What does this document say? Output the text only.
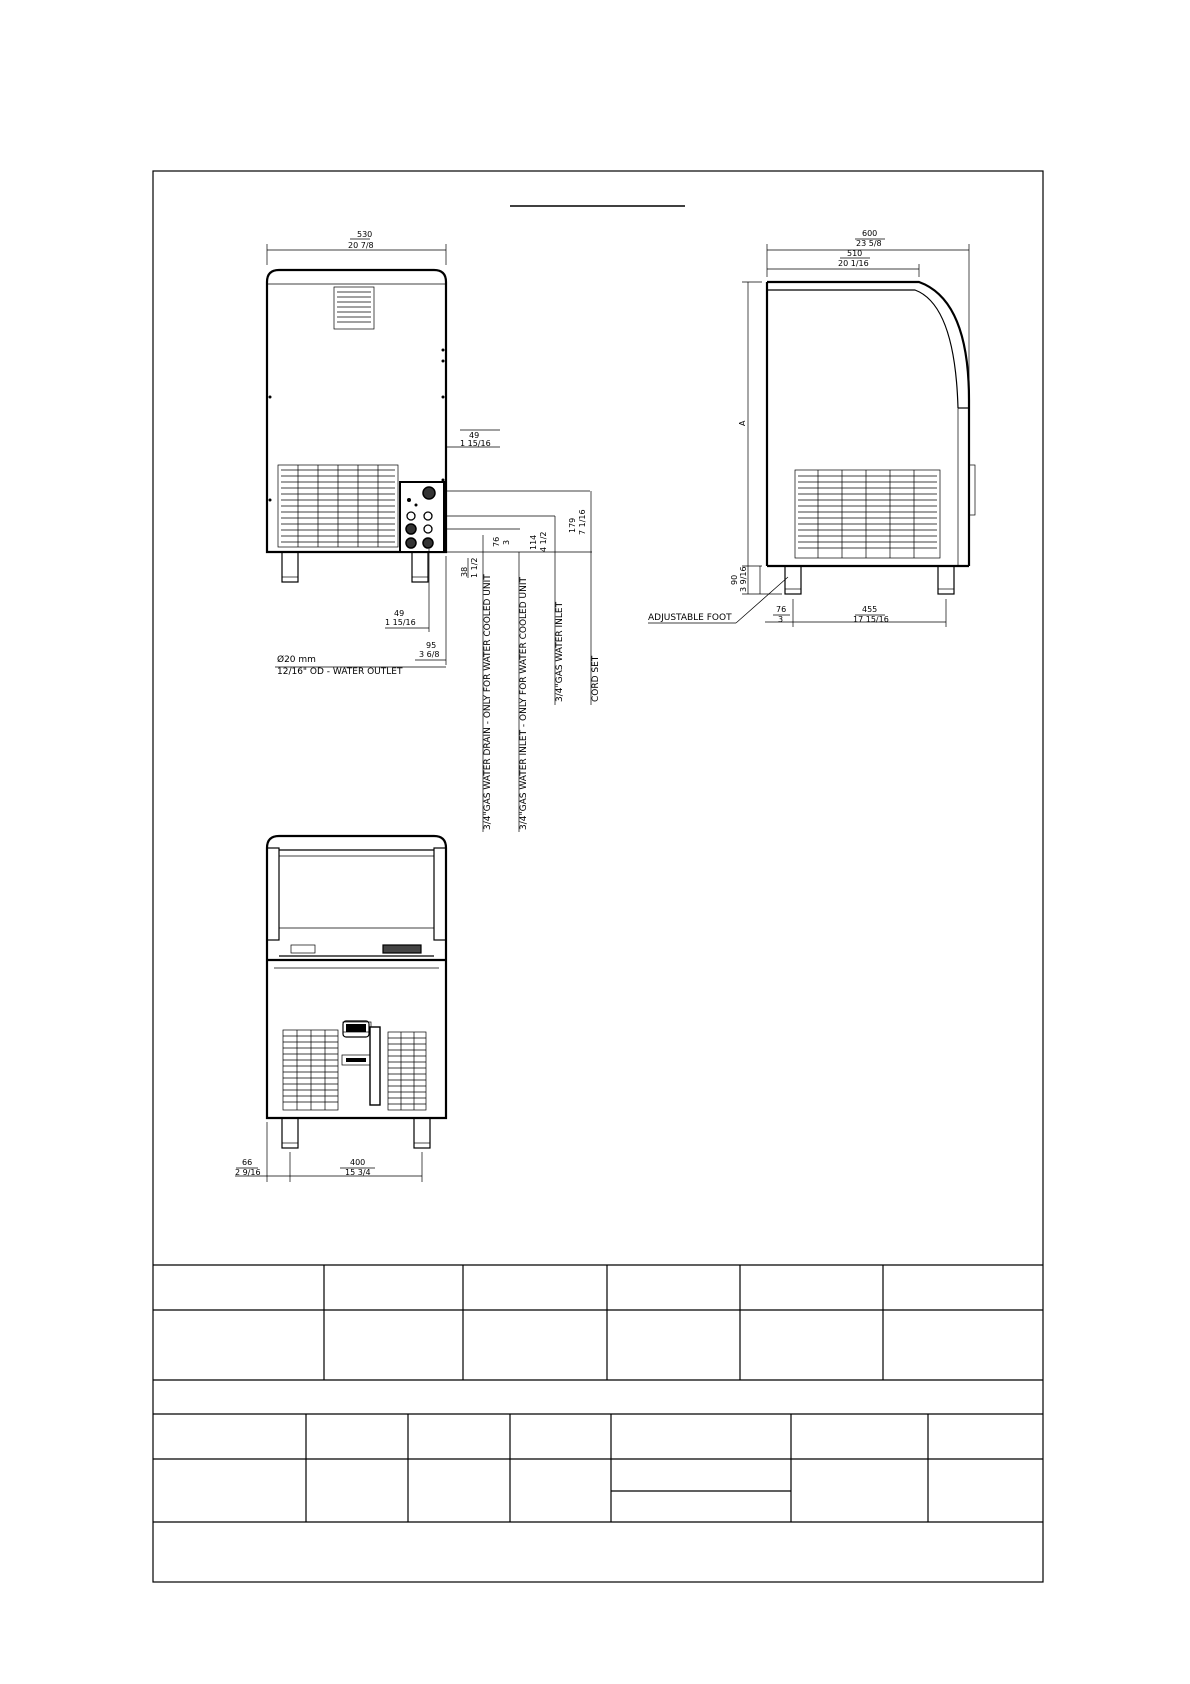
530
20 7/8
49
1 15/16
49
1 15/16
95
3 6/8
Ø20 mm
12/16" OD - WATER OUTLET
38 1 1/2
76 3 114 4 1/2
179 7 1/16
3/4"GAS WATER DRAIN - ONLY FOR WATER COOLED UNIT	3/4"GAS WATER INLET - ONLY FOR WATER COOLED UNIT	3/4"GAS WATER INLET	CORD SET
600
23 5/8
510
20 1/16
A
90 3 9/16
ADJUSTABLE FOOT
76
3
455
17 15/16
66
2 9/16
400
15 3/4
